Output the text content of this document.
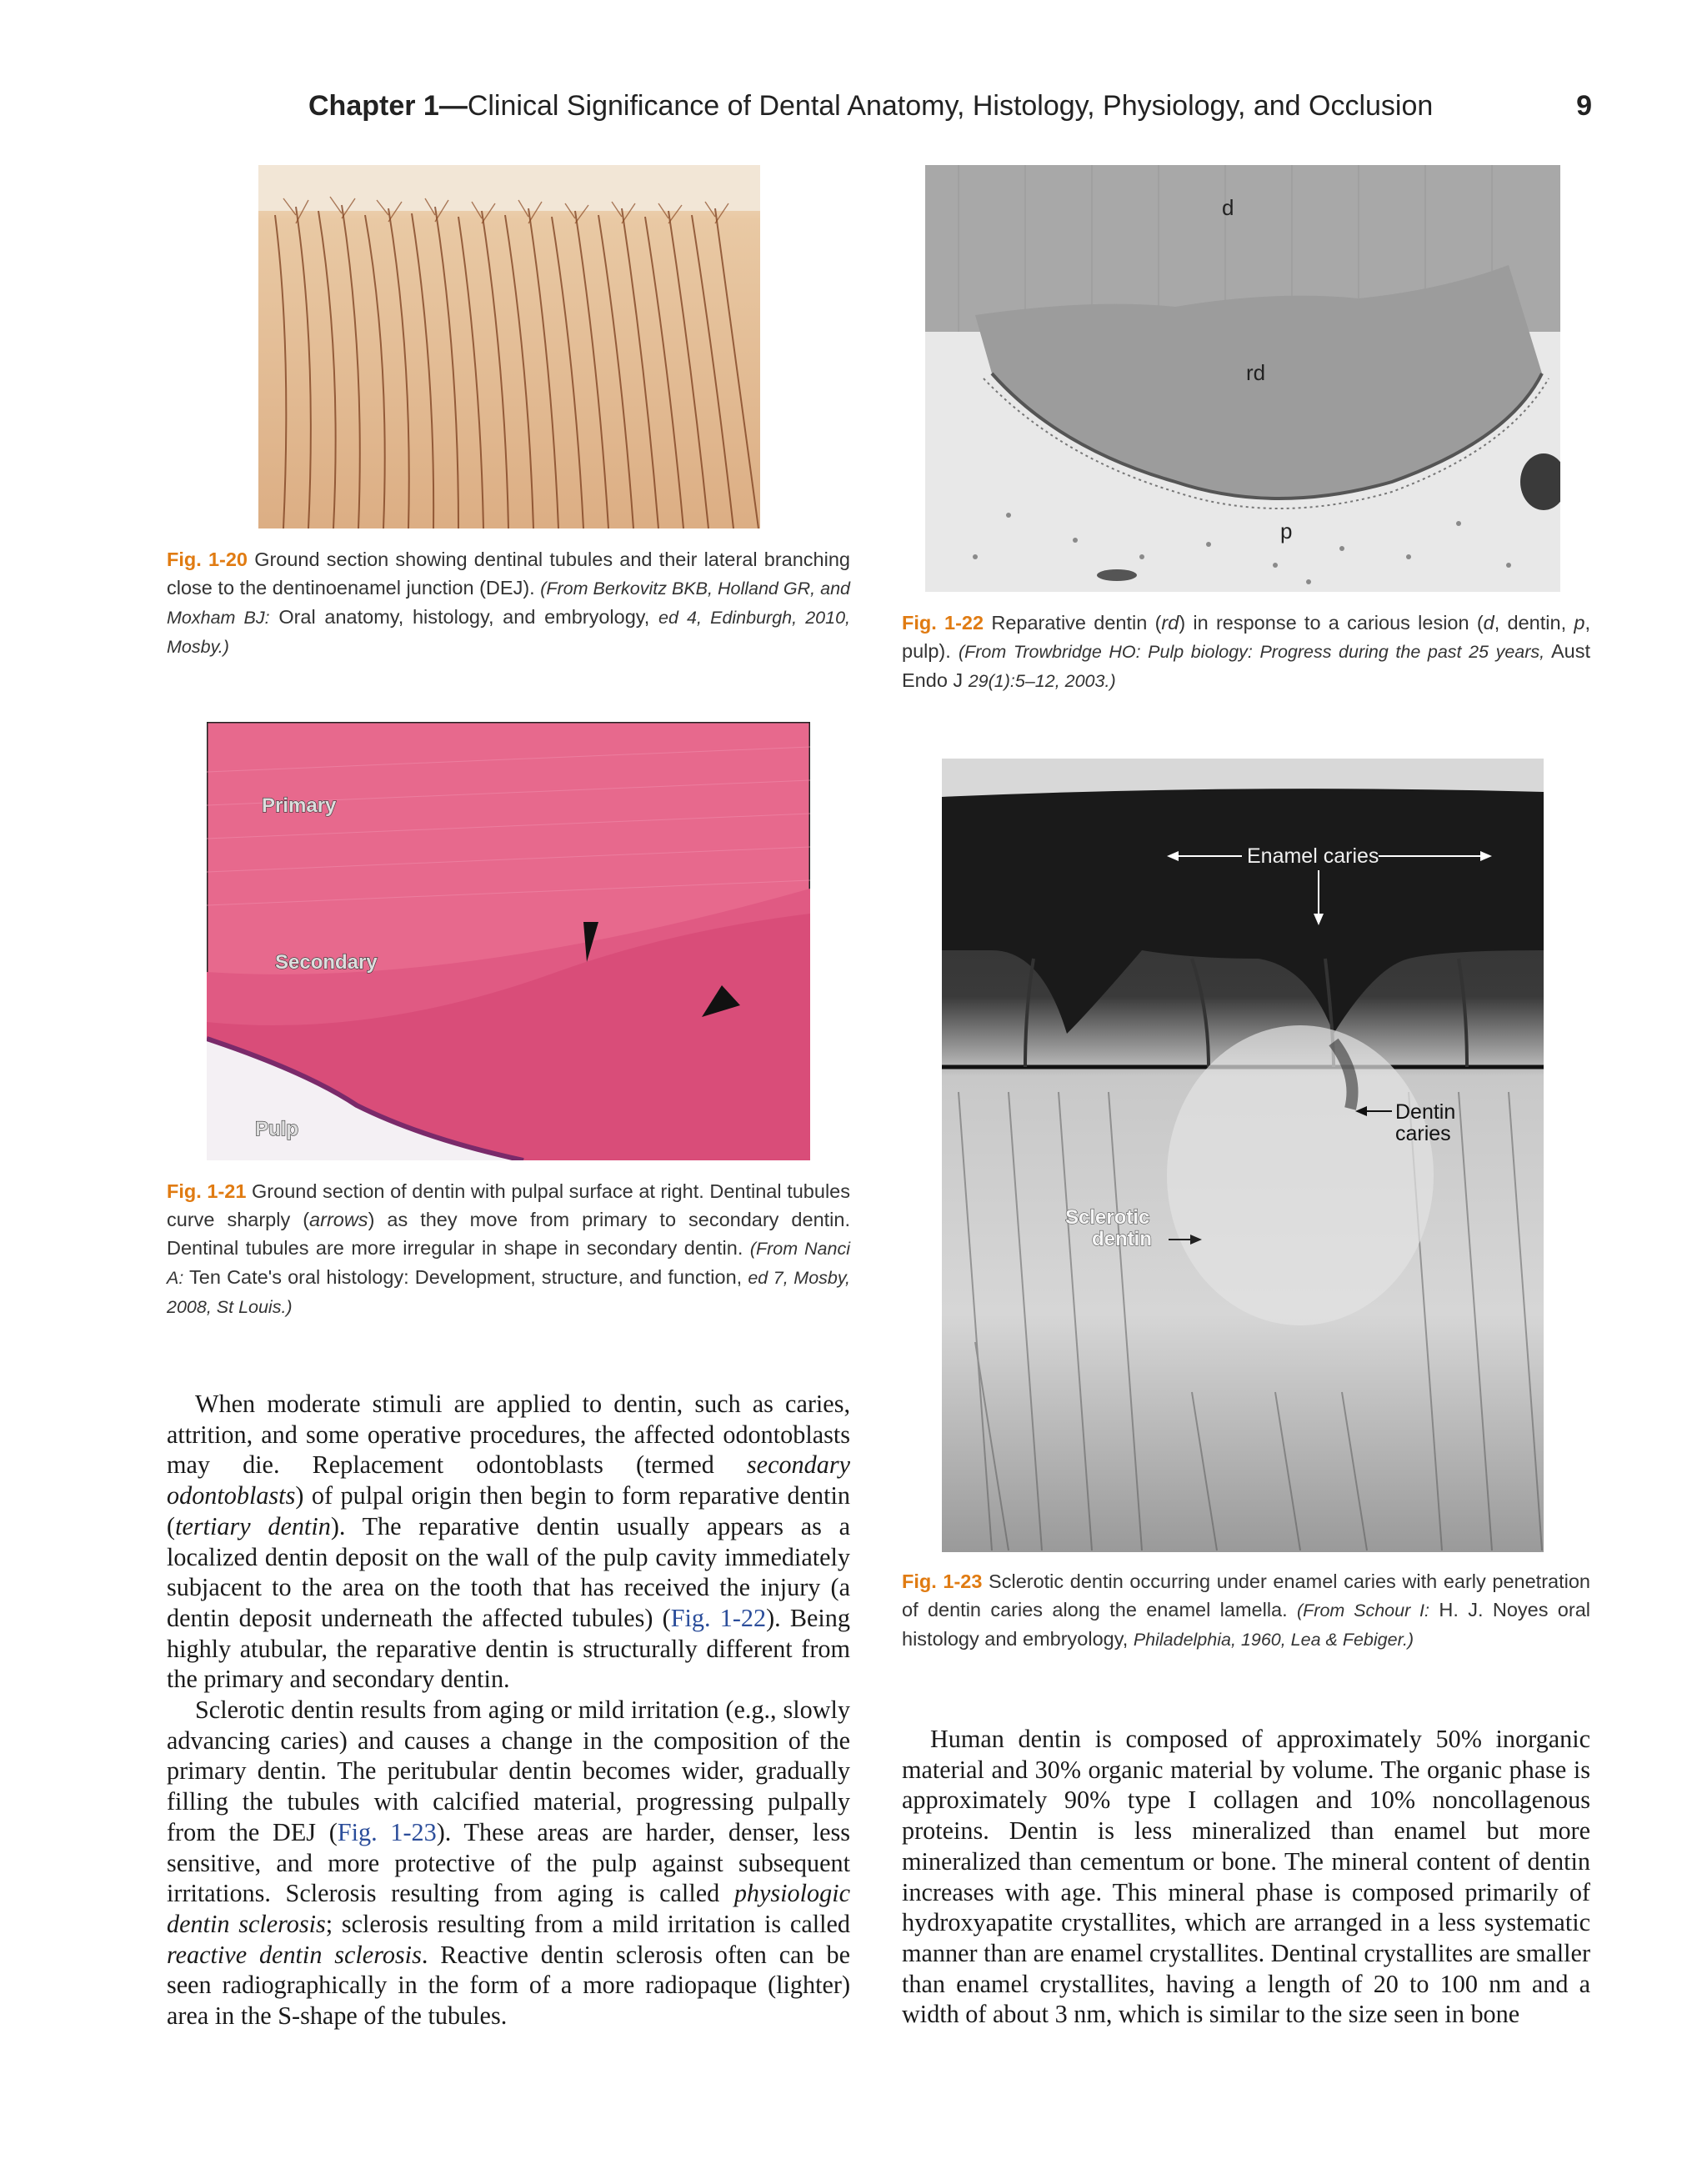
Chapter 1—Clinical Significance of Dental Anatomy, Histology, Physiology, and Occlusion	9
Fig. 1-20 Ground section showing dentinal tubules and their lateral branching close to the dentinoenamel junction (DEJ). (From Berkovitz BKB, Holland GR, and Moxham BJ: Oral anatomy, histology, and embryology, ed 4, Edinburgh, 2010, Mosby.)
d
rd
p
Fig. 1-22 Reparative dentin (rd) in response to a carious lesion (d, dentin, p, pulp). (From Trowbridge HO: Pulp biology: Progress during the past 25 years, Aust Endo J 29(1):5–12, 2003.)
Primary
Secondary
Pulp
Fig. 1-21 Ground section of dentin with pulpal surface at right. Dentinal tubules curve sharply (arrows) as they move from primary to secondary dentin. Dentinal tubules are more irregular in shape in secondary dentin. (From Nanci A: Ten Cate's oral histology: Development, structure, and function, ed 7, Mosby, 2008, St Louis.)
Enamel caries
Dentin
caries
Sclerotic
dentin
Fig. 1-23 Sclerotic dentin occurring under enamel caries with early penetration of dentin caries along the enamel lamella. (From Schour I: H. J. Noyes oral histology and embryology, Philadelphia, 1960, Lea & Febiger.)

When moderate stimuli are applied to dentin, such as caries, attrition, and some operative procedures, the affected odontoblasts may die. Replacement odontoblasts (termed secondary odontoblasts) of pulpal origin then begin to form reparative dentin (tertiary dentin). The reparative dentin usually appears as a localized dentin deposit on the wall of the pulp cavity immediately subjacent to the area on the tooth that has received the injury (a dentin deposit underneath the affected tubules) (Fig. 1-22). Being highly atubular, the reparative dentin is structurally different from the primary and secondary dentin.

Sclerotic dentin results from aging or mild irritation (e.g., slowly advancing caries) and causes a change in the composition of the primary dentin. The peritubular dentin becomes wider, gradually filling the tubules with calcified material, progressing pulpally from the DEJ (Fig. 1-23). These areas are harder, denser, less sensitive, and more protective of the pulp against subsequent irritations. Sclerosis resulting from aging is called physiologic dentin sclerosis; sclerosis resulting from a mild irritation is called reactive dentin sclerosis. Reactive dentin sclerosis often can be seen radiographically in the form of a more radiopaque (lighter) area in the S-shape of the tubules.

Human dentin is composed of approximately 50% inorganic material and 30% organic material by volume. The organic phase is approximately 90% type I collagen and 10% noncollagenous proteins. Dentin is less mineralized than enamel but more mineralized than cementum or bone. The mineral content of dentin increases with age. This mineral phase is composed primarily of hydroxyapatite crystallites, which are arranged in a less systematic manner than are enamel crystallites. Dentinal crystallites are smaller than enamel crystallites, having a length of 20 to 100 nm and a width of about 3 nm, which is similar to the size seen in bone
